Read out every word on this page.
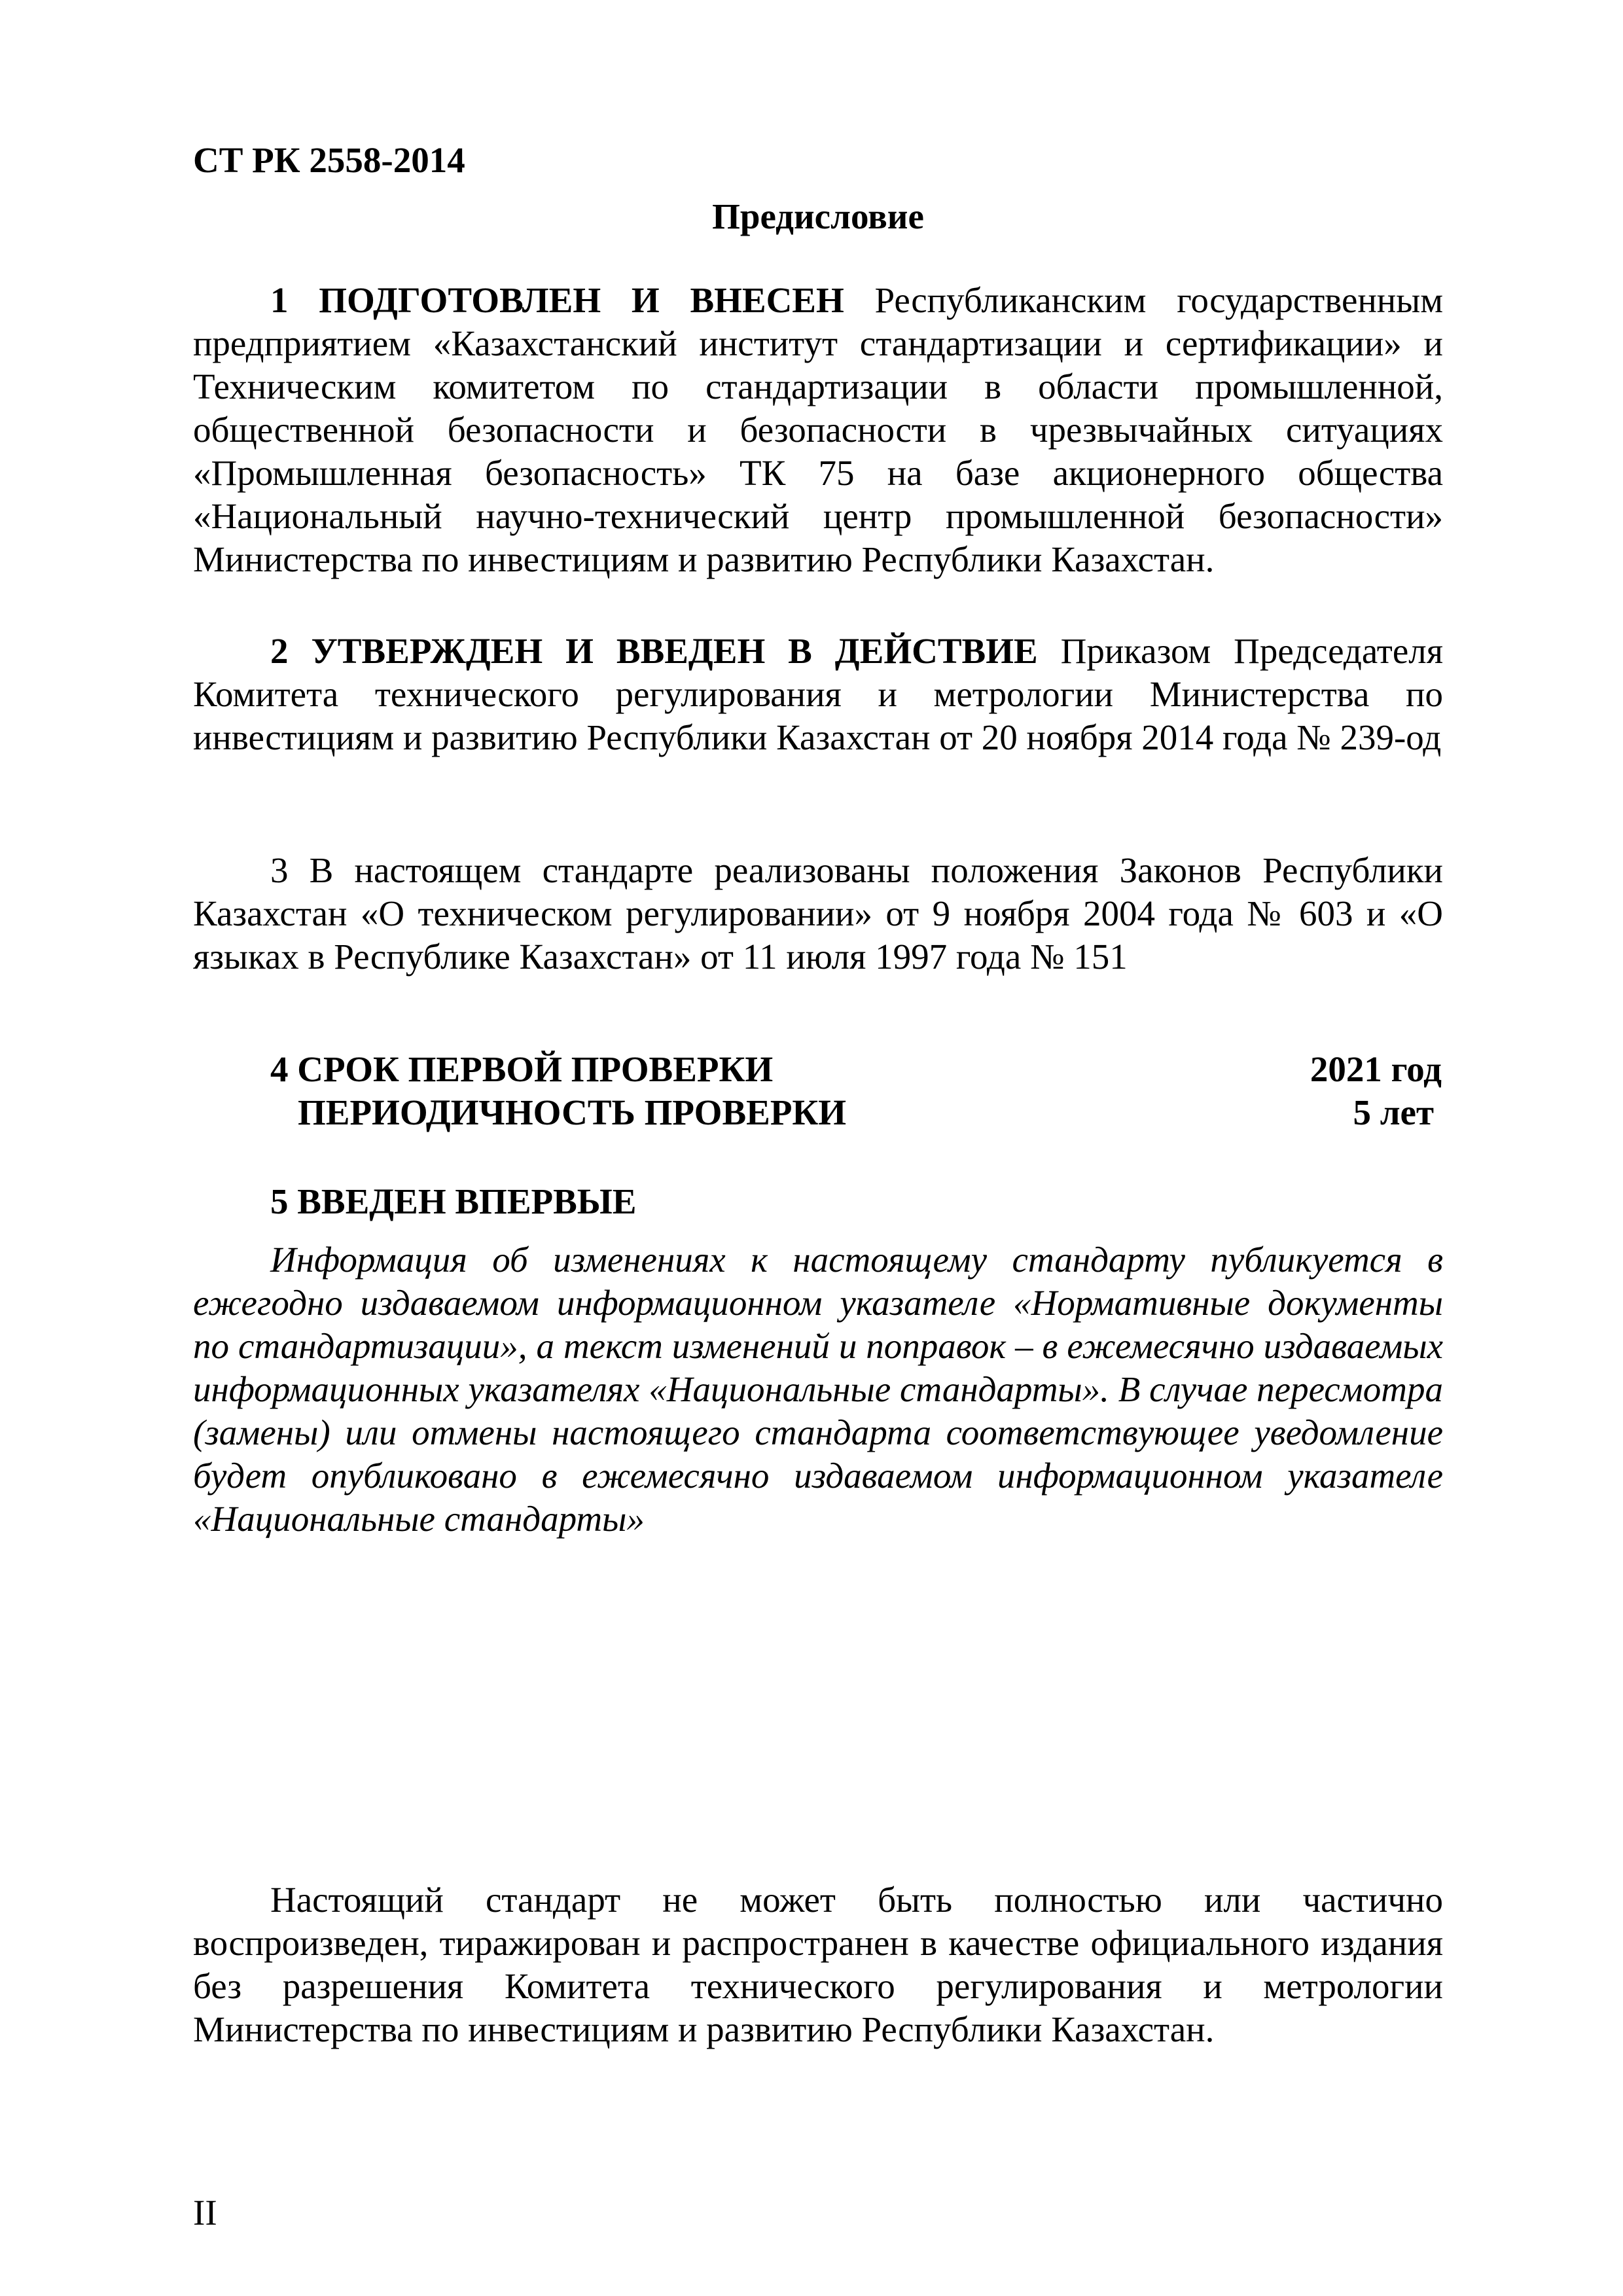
СТ РК 2558-2014
Предисловие

1 ПОДГОТОВЛЕН И ВНЕСЕН Республиканским государственным предприятием «Казахстанский институт стандартизации и сертификации» и Техническим комитетом по стандартизации в области промышленной, общественной безопасности и безопасности в чрезвычайных ситуациях «Промышленная безопасность» ТК 75 на базе акционерного общества «Национальный научно-технический центр промышленной безопасности» Министерства по инвестициям и развитию Республики Казахстан.

2 УТВЕРЖДЕН И ВВЕДЕН В ДЕЙСТВИЕ Приказом Председателя Комитета технического регулирования и метрологии Министерства по инвестициям и развитию Республики Казахстан от 20 ноября 2014 года № 239-од

3 В настоящем стандарте реализованы положения Законов Республики Казахстан «О техническом регулировании» от 9 ноября 2004 года № 603 и «О языках в Республике Казахстан» от 11 июля 1997 года № 151

4 СРОК ПЕРВОЙ ПРОВЕРКИ	2021 год
ПЕРИОДИЧНОСТЬ ПРОВЕРКИ	5 лет
5 ВВЕДЕН ВПЕРВЫЕ

Информация об изменениях к настоящему стандарту публикуется в ежегодно издаваемом информационном указателе «Нормативные документы по стандартизации», а текст изменений и поправок – в ежемесячно издаваемых информационных указателях «Национальные стандарты». В случае пересмотра (замены) или отмены настоящего стандарта соответствующее уведомление будет опубликовано в ежемесячно издаваемом информационном указателе «Национальные стандарты»

Настоящий стандарт не может быть полностью или частично воспроизведен, тиражирован и распространен в качестве официального издания без разрешения Комитета технического регулирования и метрологии Министерства по инвестициям и развитию Республики Казахстан.

II
